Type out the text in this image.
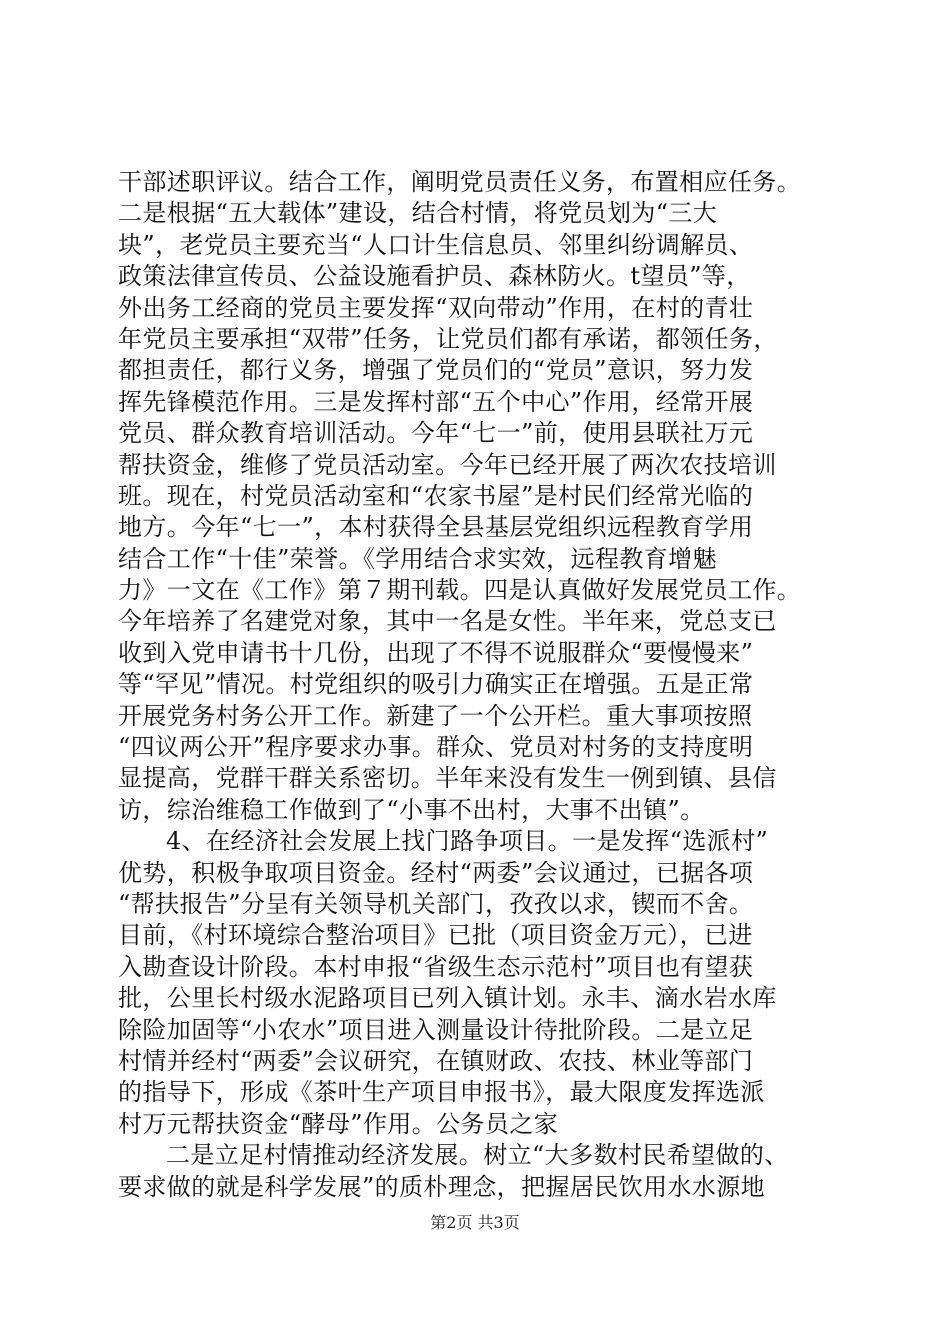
干部述职评议。结合工作，阐明党员责任义务，布置相应任务。
二是根据“五大载体”建设，结合村情，将党员划为“三大
块”，老党员主要充当“人口计生信息员、邻里纠纷调解员、
政策法律宣传员、公益设施看护员、森林防火。t望员”等，
外出务工经商的党员主要发挥“双向带动”作用，在村的青壮
年党员主要承担“双带”任务，让党员们都有承诺，都领任务，
都担责任，都行义务，增强了党员们的“党员”意识，努力发
挥先锋模范作用。三是发挥村部“五个中心”作用，经常开展
党员、群众教育培训活动。今年“七一”前，使用县联社万元
帮扶资金，维修了党员活动室。今年已经开展了两次农技培训
班。现在，村党员活动室和“农家书屋”是村民们经常光临的
地方。今年“七一”，本村获得全县基层党组织远程教育学用
结合工作“十佳”荣誉。《学用结合求实效，远程教育增魅
力》一文在《工作》第７期刊载。四是认真做好发展党员工作。
今年培养了名建党对象，其中一名是女性。半年来，党总支已
收到入党申请书十几份，出现了不得不说服群众“要慢慢来”
等“罕见”情况。村党组织的吸引力确实正在增强。五是正常
开展党务村务公开工作。新建了一个公开栏。重大事项按照
“四议两公开”程序要求办事。群众、党员对村务的支持度明
显提高，党群干群关系密切。半年来没有发生一例到镇、县信
访，综治维稳工作做到了“小事不出村，大事不出镇”。
4、在经济社会发展上找门路争项目。一是发挥“选派村”
优势，积极争取项目资金。经村“两委”会议通过，已据各项
“帮扶报告”分呈有关领导机关部门，孜孜以求，锲而不舍。
目前，《村环境综合整治项目》已批（项目资金万元），已进
入勘查设计阶段。本村申报“省级生态示范村”项目也有望获
批，公里长村级水泥路项目已列入镇计划。永丰、滴水岩水库
除险加固等“小农水”项目进入测量设计待批阶段。二是立足
村情并经村“两委”会议研究，在镇财政、农技、林业等部门
的指导下，形成《茶叶生产项目申报书》，最大限度发挥选派
村万元帮扶资金“酵母”作用。公务员之家
二是立足村情推动经济发展。树立“大多数村民希望做的、
要求做的就是科学发展”的质朴理念，把握居民饮用水水源地
第2页 共3页
